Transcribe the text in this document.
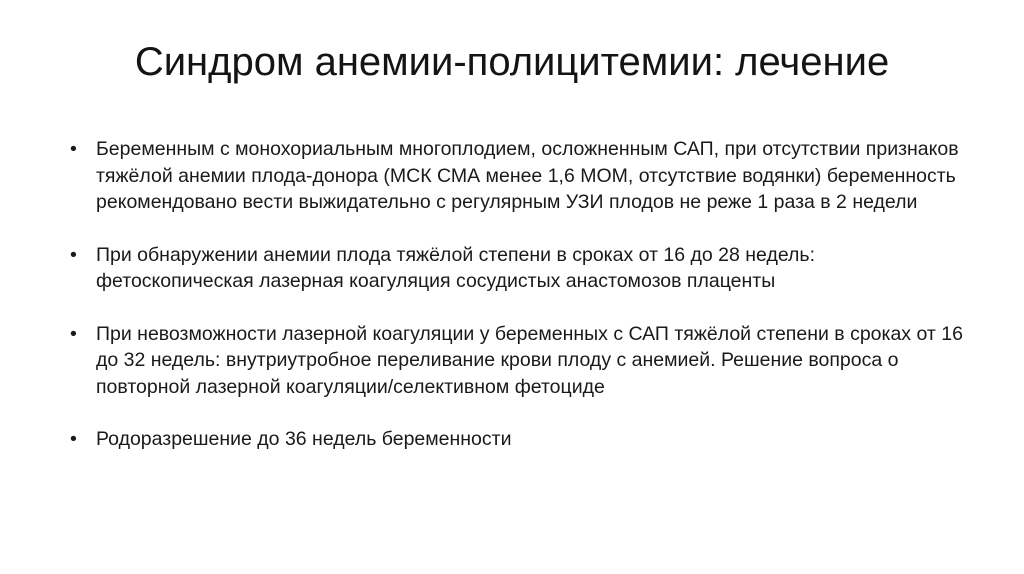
Синдром анемии-полицитемии: лечение
• Беременным с монохориальным многоплодием, осложненным САП, при отсутствии признаков тяжёлой анемии плода-донора (МСК СМА менее 1,6 МОМ, отсутствие водянки) беременность рекомендовано вести выжидательно с регулярным УЗИ плодов не реже 1 раза в 2 недели
• При обнаружении анемии плода тяжёлой степени в сроках от 16 до 28 недель: фетоскопическая лазерная коагуляция сосудистых анастомозов плаценты
• При невозможности лазерной коагуляции у беременных с САП тяжёлой степени в сроках от 16 до 32 недель: внутриутробное переливание крови плоду с анемией. Решение вопроса о повторной лазерной коагуляции/селективном фетоциде
• Родоразрешение до 36 недель беременности
